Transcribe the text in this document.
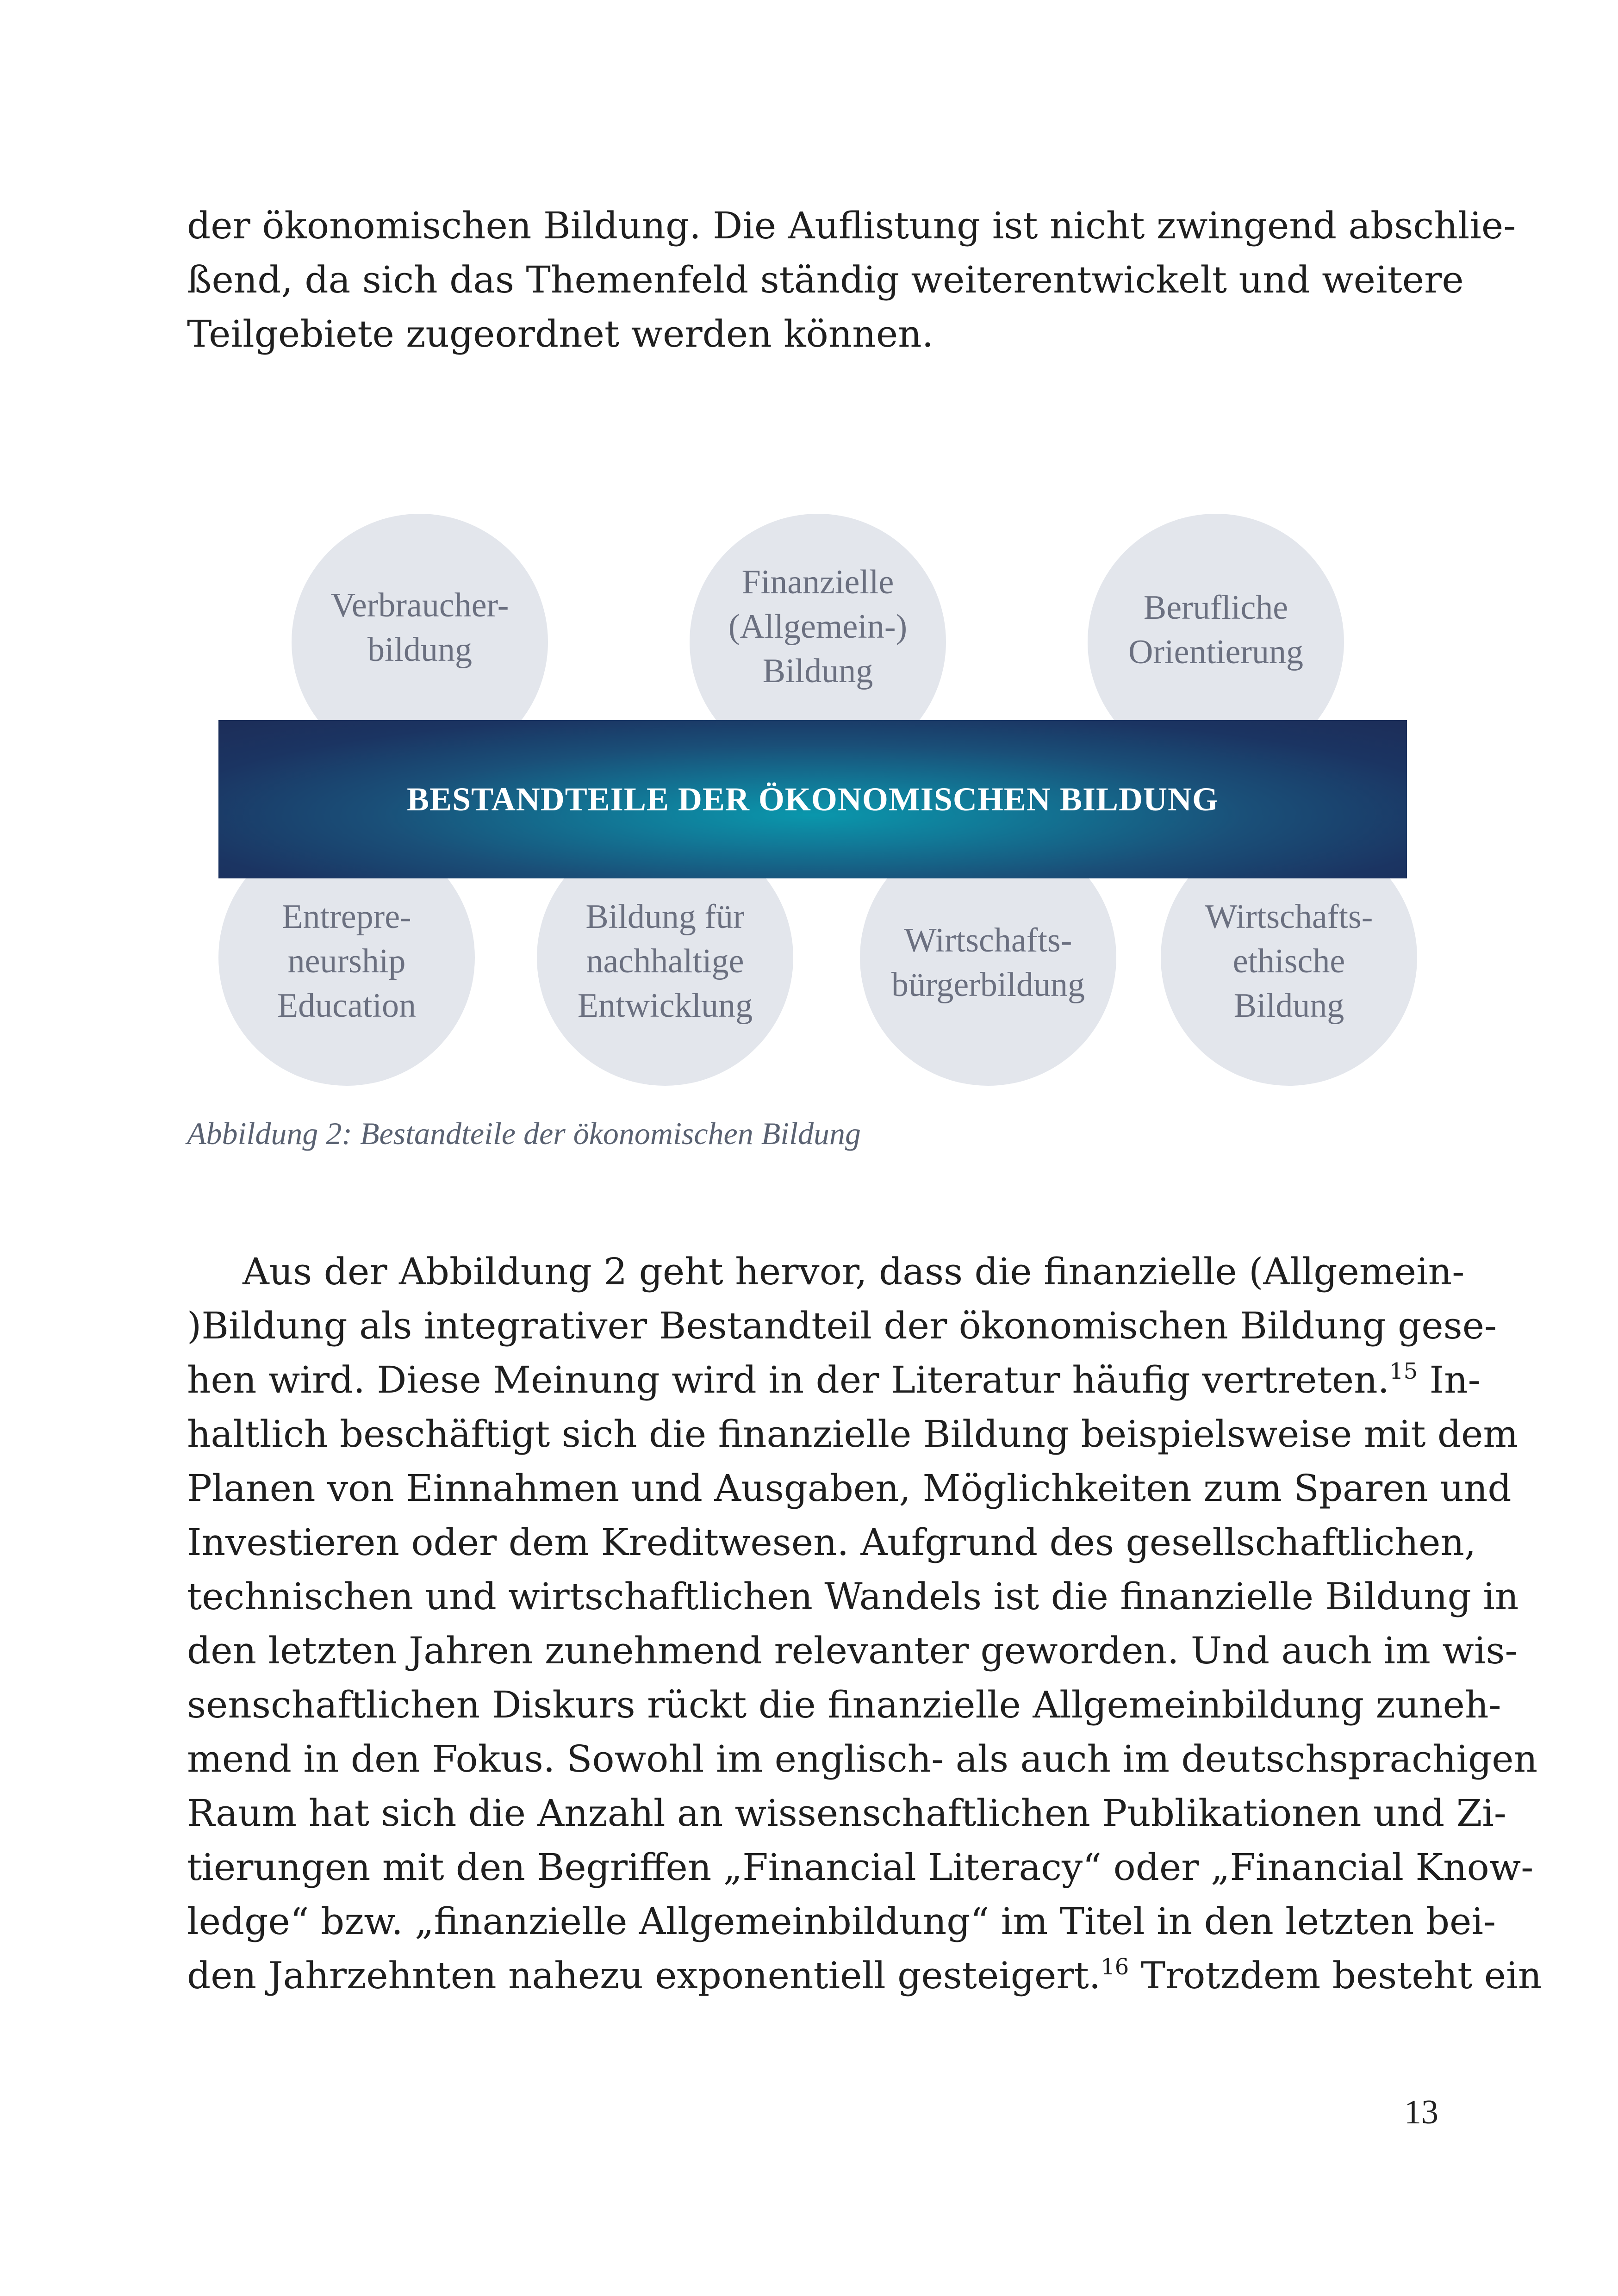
der ökonomischen Bildung. Die Auflistung ist nicht zwingend abschlie-
ßend, da sich das Themenfeld ständig weiterentwickelt und weitere
Teilgebiete zugeordnet werden können.
Verbraucher-
bildung
Finanzielle
(Allgemein-)
Bildung
Berufliche
Orientierung
Entrepre-
neurship
Education
Bildung für
nachhaltige
Entwicklung
Wirtschafts-
bürgerbildung
Wirtschafts-
ethische
Bildung
BESTANDTEILE DER ÖKONOMISCHEN BILDUNG
Abbildung 2: Bestandteile der ökonomischen Bildung
Aus der Abbildung 2 geht hervor, dass die finanzielle (Allgemein-
)Bildung als integrativer Bestandteil der ökonomischen Bildung gese-
hen wird. Diese Meinung wird in der Literatur häufig vertreten.$^{15}$ In-
haltlich beschäftigt sich die finanzielle Bildung beispielsweise mit dem
Planen von Einnahmen und Ausgaben, Möglichkeiten zum Sparen und
Investieren oder dem Kreditwesen. Aufgrund des gesellschaftlichen,
technischen und wirtschaftlichen Wandels ist die finanzielle Bildung in
den letzten Jahren zunehmend relevanter geworden. Und auch im wis-
senschaftlichen Diskurs rückt die finanzielle Allgemeinbildung zuneh-
mend in den Fokus. Sowohl im englisch- als auch im deutschsprachigen
Raum hat sich die Anzahl an wissenschaftlichen Publikationen und Zi-
tierungen mit den Begriffen „Financial Literacy“ oder „Financial Know-
ledge“ bzw. „finanzielle Allgemeinbildung“ im Titel in den letzten bei-
den Jahrzehnten nahezu exponentiell gesteigert.$^{16}$ Trotzdem besteht ein
13
